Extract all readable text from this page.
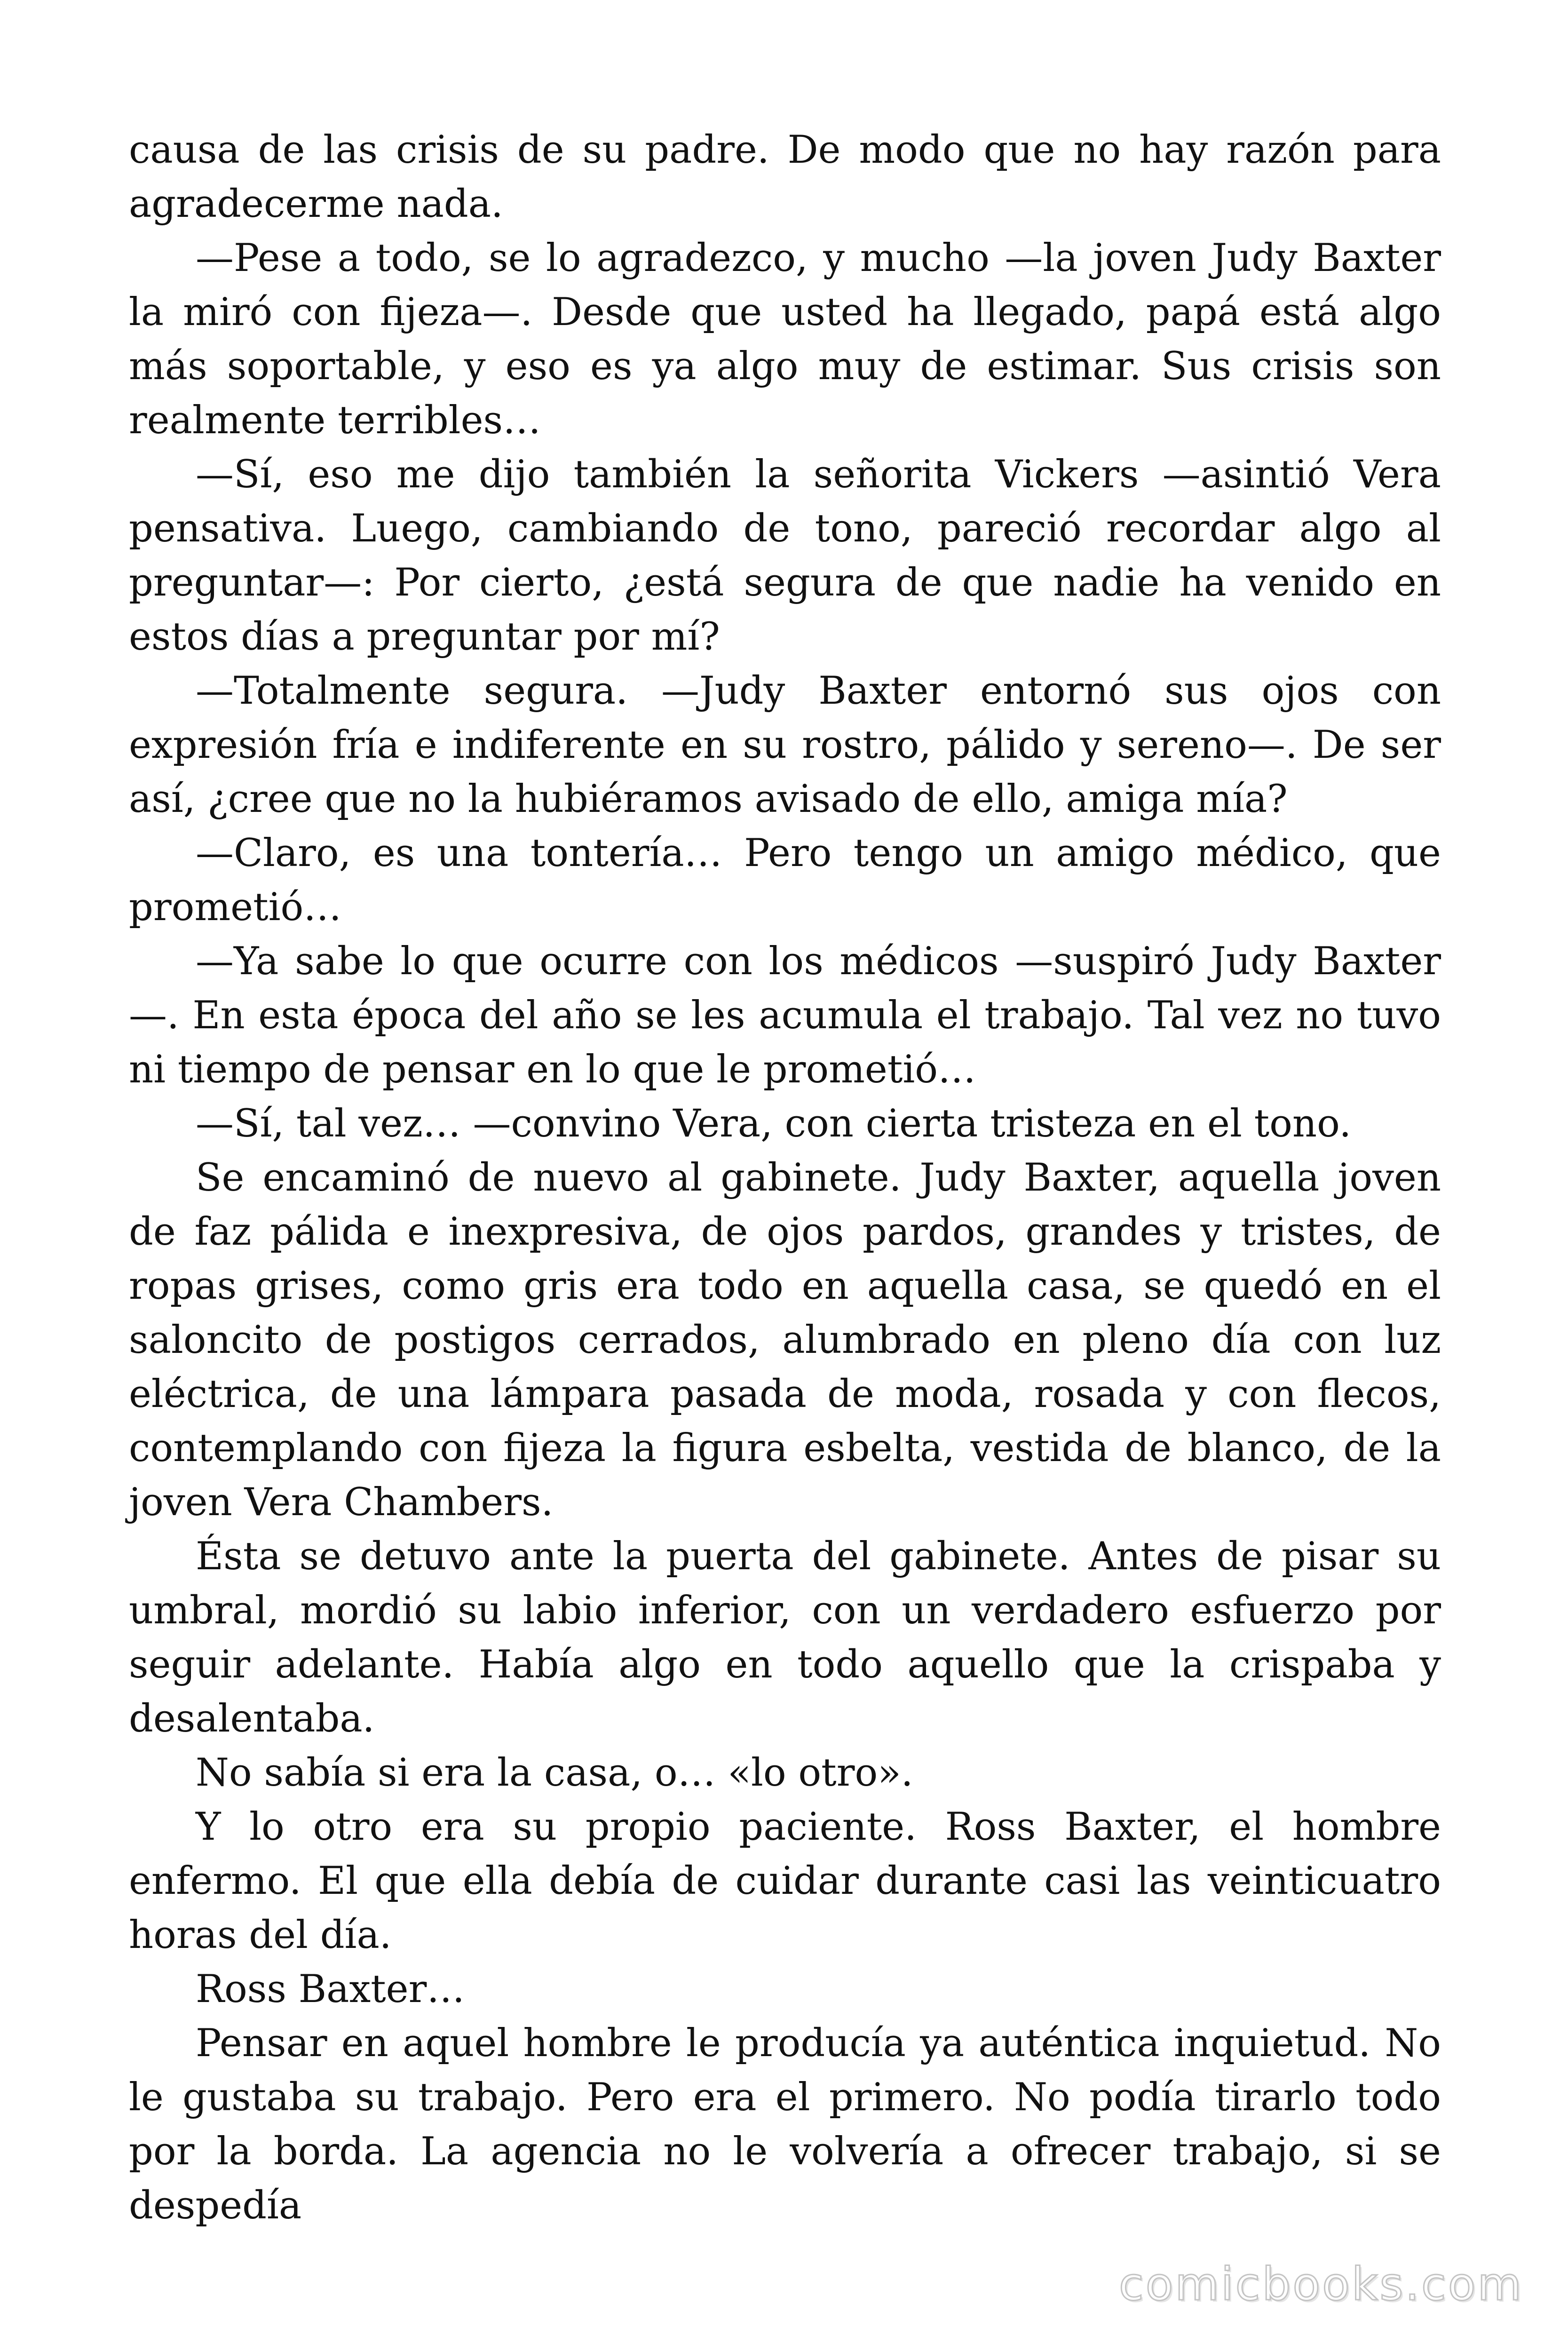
causa de las crisis de su padre. De modo que no hay razón para agradecerme nada.

—Pese a todo, se lo agradezco, y mucho —la joven Judy Baxter la miró con fijeza—. Desde que usted ha llegado, papá está algo más soportable, y eso es ya algo muy de estimar. Sus crisis son realmente terribles…

—Sí, eso me dijo también la señorita Vickers —asintió Vera pensativa. Luego, cambiando de tono, pareció recordar algo al preguntar—: Por cierto, ¿está segura de que nadie ha venido en estos días a preguntar por mí?

—Totalmente segura. —Judy Baxter entornó sus ojos con expresión fría e indiferente en su rostro, pálido y sereno—. De ser así, ¿cree que no la hubiéramos avisado de ello, amiga mía?

—Claro, es una tontería… Pero tengo un amigo médico, que prometió…

—Ya sabe lo que ocurre con los médicos —suspiró Judy Baxter —. En esta época del año se les acumula el trabajo. Tal vez no tuvo ni tiempo de pensar en lo que le prometió…

—Sí, tal vez… —convino Vera, con cierta tristeza en el tono.

Se encaminó de nuevo al gabinete. Judy Baxter, aquella joven de faz pálida e inexpresiva, de ojos pardos, grandes y tristes, de ropas grises, como gris era todo en aquella casa, se quedó en el saloncito de postigos cerrados, alumbrado en pleno día con luz eléctrica, de una lámpara pasada de moda, rosada y con flecos, contemplando con fijeza la figura esbelta, vestida de blanco, de la joven Vera Chambers.

Ésta se detuvo ante la puerta del gabinete. Antes de pisar su umbral, mordió su labio inferior, con un verdadero esfuerzo por seguir adelante. Había algo en todo aquello que la crispaba y desalentaba.

No sabía si era la casa, o… «lo otro».

Y lo otro era su propio paciente. Ross Baxter, el hombre enfermo. El que ella debía de cuidar durante casi las veinticuatro horas del día.

Ross Baxter…

Pensar en aquel hombre le producía ya auténtica inquietud. No le gustaba su trabajo. Pero era el primero. No podía tirarlo todo por la borda. La agencia no le volvería a ofrecer trabajo, si se despedía

comicbooks.com
